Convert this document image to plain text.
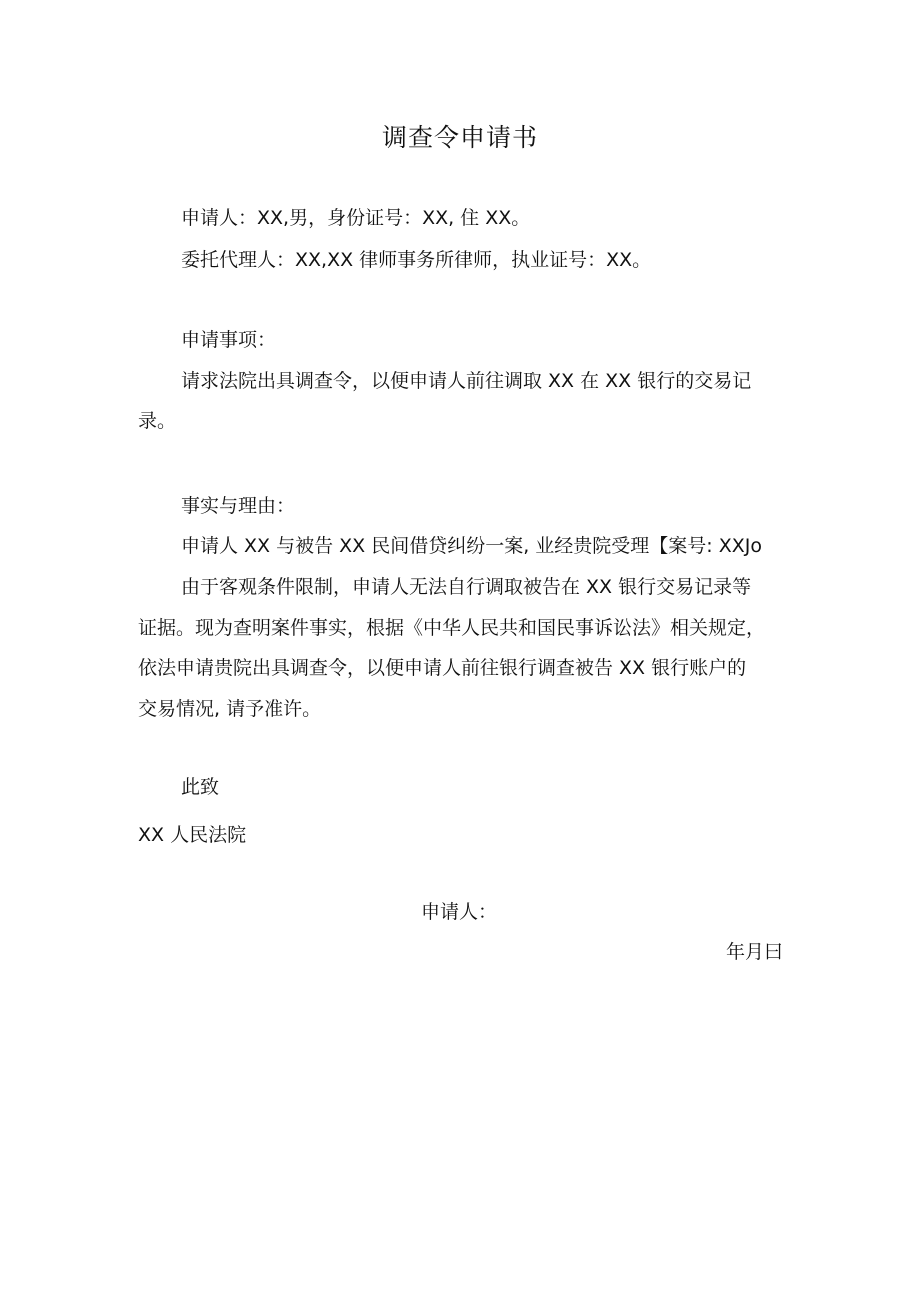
调查令申请书
申请人：XX,男，身份证号：XX, 住 XX。
委托代理人：XX,XX 律师事务所律师，执业证号：XX。
申请事项：
请求法院出具调查令，以便申请人前往调取 XX 在 XX 银行的交易记
录。
事实与理由：
申请人 XX 与被告 XX 民间借贷纠纷一案, 业经贵院受理【案号: XXJo
由于客观条件限制，申请人无法自行调取被告在 XX 银行交易记录等
证据。现为查明案件事实，根据《中华人民共和国民事诉讼法》相关规定，
依法申请贵院出具调查令，以便申请人前往银行调查被告 XX 银行账户的
交易情况, 请予准许。
此致
XX 人民法院
申请人：
年月曰
